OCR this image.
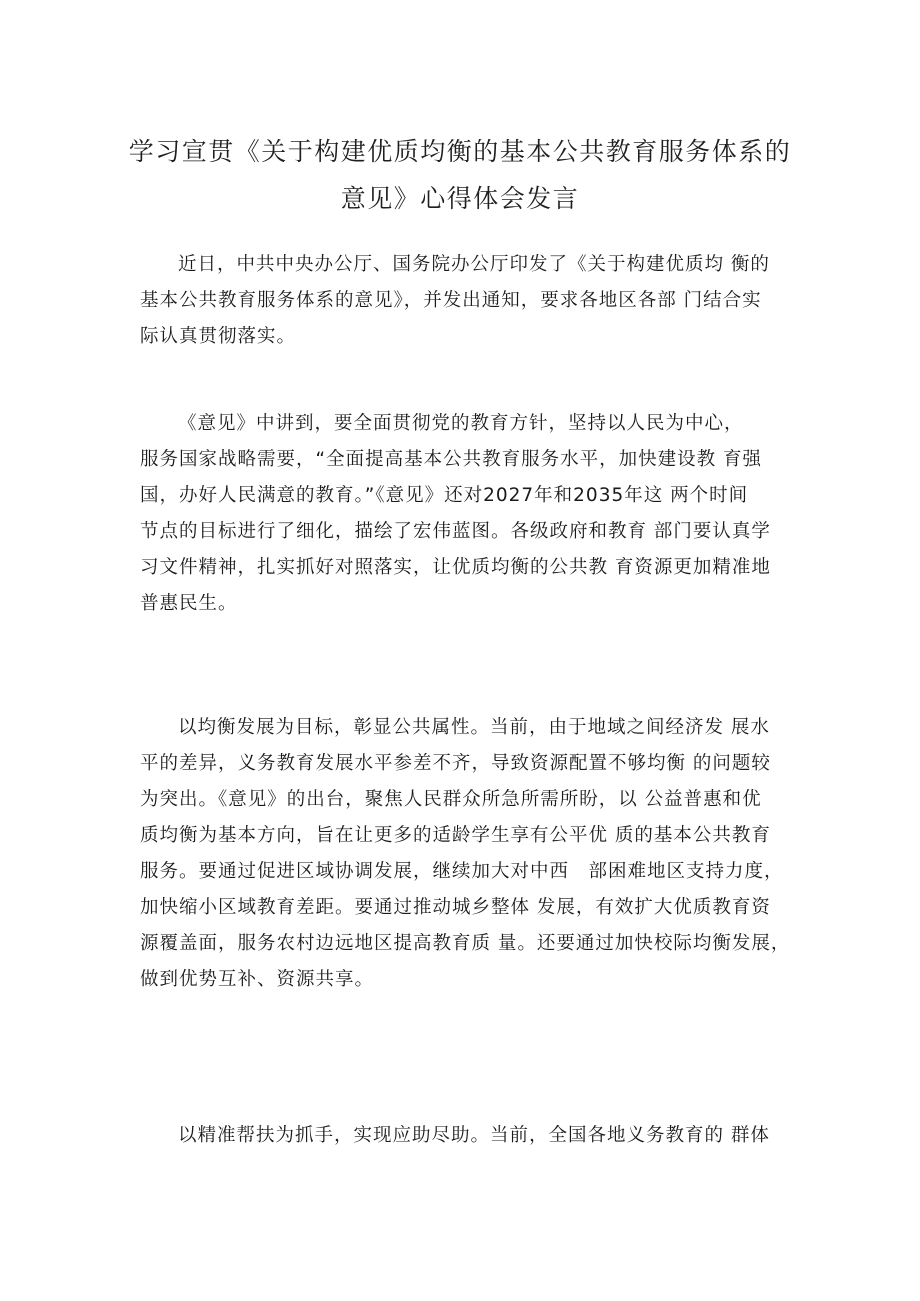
学习宣贯《关于构建优质均衡的基本公共教育服务体系的
意见》心得体会发言
近日，中共中央办公厅、国务院办公厅印发了《关于构建优质均 衡的
基本公共教育服务体系的意见》，并发出通知，要求各地区各部 门结合实
际认真贯彻落实。
《意见》中讲到，要全面贯彻党的教育方针，坚持以人民为中心，
服务国家战略需要，“全面提高基本公共教育服务水平，加快建设教 育强
国，办好人民满意的教育。”《意见》还对2027年和2035年这 两个时间
节点的目标进行了细化，描绘了宏伟蓝图。各级政府和教育 部门要认真学
习文件精神，扎实抓好对照落实，让优质均衡的公共教 育资源更加精准地
普惠民生。
以均衡发展为目标，彰显公共属性。当前，由于地域之间经济发 展水
平的差异，义务教育发展水平参差不齐，导致资源配置不够均衡 的问题较
为突出。《意见》的出台，聚焦人民群众所急所需所盼，以 公益普惠和优
质均衡为基本方向，旨在让更多的适龄学生享有公平优 质的基本公共教育
服务。要通过促进区域协调发展，继续加大对中西　部困难地区支持力度，
加快缩小区域教育差距。要通过推动城乡整体 发展，有效扩大优质教育资
源覆盖面，服务农村边远地区提高教育质 量。还要通过加快校际均衡发展，
做到优势互补、资源共享。
以精准帮扶为抓手，实现应助尽助。当前，全国各地义务教育的 群体
